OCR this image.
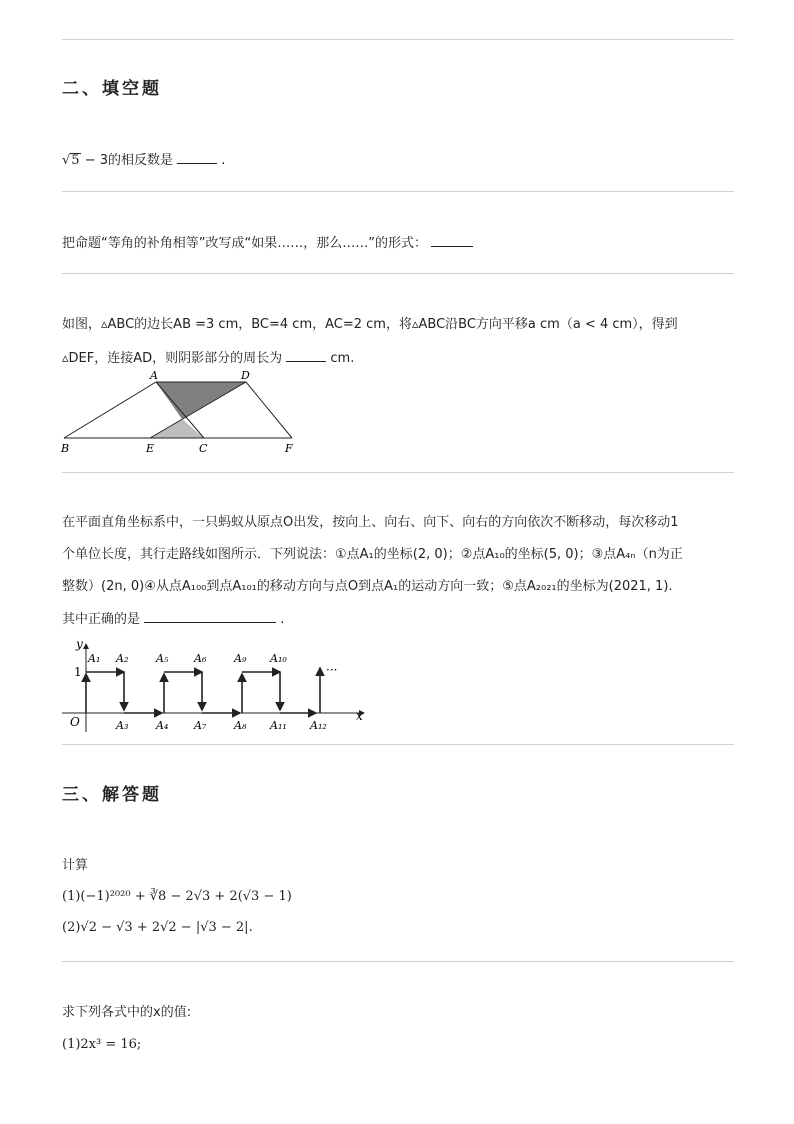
二、填空题
√5 − 3的相反数是	.
把命题“等角的补角相等”改写成“如果……，那么……”的形式：
如图，▵ABC的边长AB =3 cm，BC=4 cm，AC=2 cm，将▵ABC沿BC方向平移a cm（a < 4 cm），得到
▵DEF，连接AD，则阴影部分的周长为	cm.
A	D
B	E	C	F
在平面直角坐标系中，一只蚂蚁从原点O出发，按向上、向右、向下、向右的方向依次不断移动，每次移动1
个单位长度，其行走路线如图所示．下列说法：①点A₁的坐标(2, 0)；②点A₁₀的坐标(5, 0)；③点A₄ₙ（n为正
整数）(2n, 0)④从点A₁₀₀到点A₁₀₁的移动方向与点O到点A₁的运动方向一致；⑤点A₂₀₂₁的坐标为(2021, 1).
其中正确的是	.
y
x
O
1	···
A₁ A₂	A₅ A₆	A₉ A₁₀
A₃	A₄ A₇	A₈ A₁₁ A₁₂
三、解答题
计算
(1)(−1)²⁰²⁰ + ∛8 − 2√3 + 2(√3 − 1)
(2)√2 − √3 + 2√2 − |√3 − 2|.
求下列各式中的x的值:
(1)2x³ = 16;
